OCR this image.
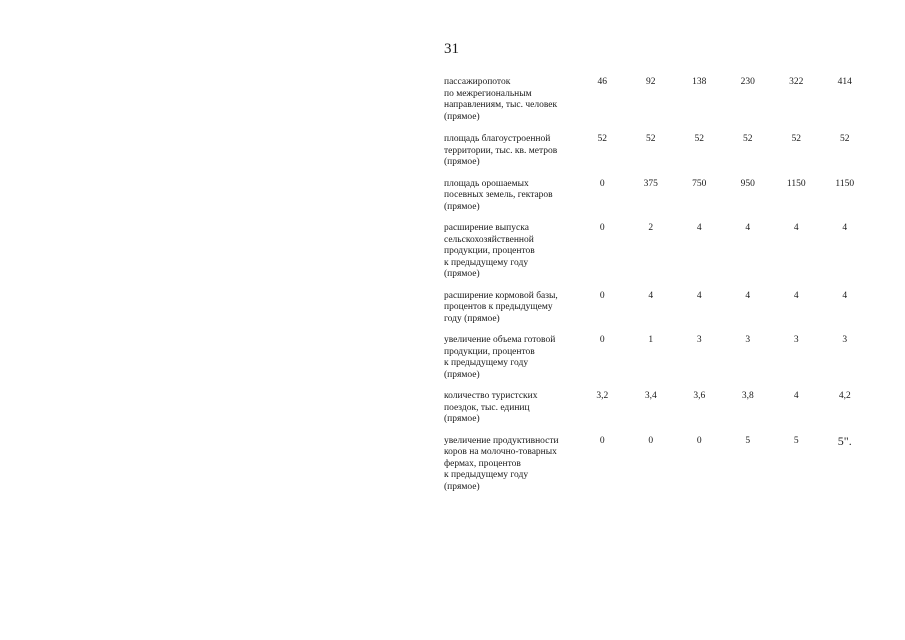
31
пассажиропоток
по межрегиональным
направлениям, тыс. человек
(прямое)
46	92	138	230	322	414
площадь благоустроенной
территории, тыс. кв. метров
(прямое)
52	52	52	52	52	52
площадь орошаемых
посевных земель, гектаров
(прямое)
0	375	750	950	1150	1150
расширение выпуска
сельскохозяйственной
продукции, процентов
к предыдущему году
(прямое)
0	2	4	4	4	4
расширение кормовой базы,
процентов к предыдущему
году (прямое)
0	4	4	4	4	4
увеличение объема готовой
продукции, процентов
к предыдущему году
(прямое)
0	1	3	3	3	3
количество туристских
поездок, тыс. единиц
(прямое)
3,2	3,4	3,6	3,8	4	4,2
увеличение продуктивности
коров на молочно-товарных
фермах, процентов
к предыдущему году
(прямое)
0	0	0	5	5	5".
